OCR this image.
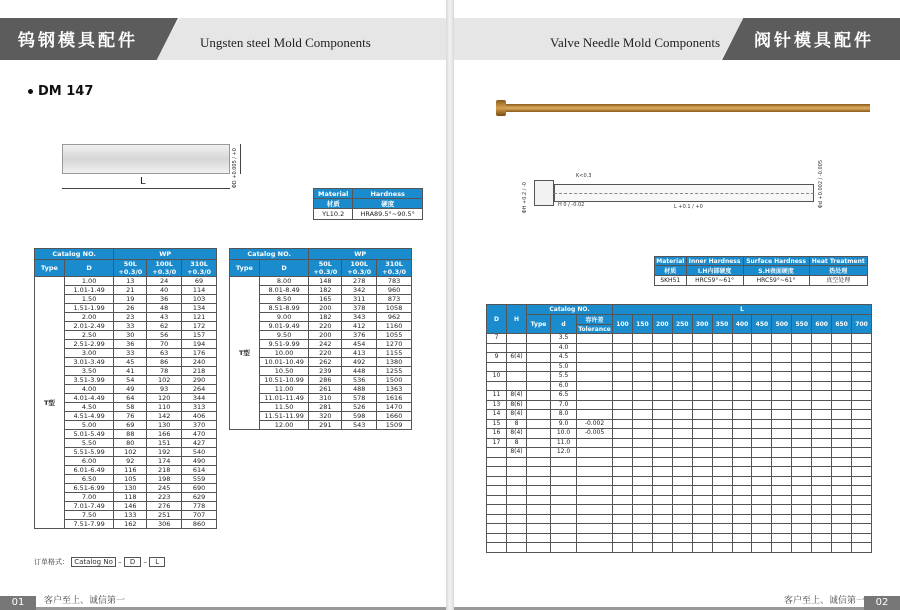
钨钢模具配件	Ungsten steel Mold Components
DM 147
L	ΦD +0.005 / +0
Material	Hardness
材质	硬度
YL10.2	HRA89.5°~90.5°
Catalog NO.		WP		
Type	D	50L +0.3/0	100L +0.3/0	310L +0.3/0
T型	1.00	13	24	69
	1.01-1.49	21	40	114
	1.50	19	36	103
	1.51-1.99	26	48	134
	2.00	23	43	121
	2.01-2.49	33	62	172
	2.50	30	56	157
	2.51-2.99	36	70	194
	3.00	33	63	176
	3.01-3.49	45	86	240
	3.50	41	78	218
	3.51-3.99	54	102	290
	4.00	49	93	264
	4.01-4.49	64	120	344
	4.50	58	110	313
	4.51-4.99	76	142	406
	5.00	69	130	370
	5.01-5.49	88	166	470
	5.50	80	151	427
	5.51-5.99	102	192	540
	6.00	92	174	490
	6.01-6.49	116	218	614
	6.50	105	198	559
	6.51-6.99	130	245	690
	7.00	118	223	629
	7.01-7.49	146	276	778
	7.50	133	251	707
	7.51-7.99	162	306	860
Catalog NO.		WP		
Type	D	50L +0.3/0	100L +0.3/0	310L +0.3/0
T型	8.00	148	278	783
	8.01-8.49	182	342	960
	8.50	165	311	873
	8.51-8.99	200	378	1058
	9.00	182	343	962
	9.01-9.49	220	412	1160
	9.50	200	376	1055
	9.51-9.99	242	454	1270
	10.00	220	413	1155
	10.01-10.49	262	492	1380
	10.50	239	448	1255
	10.51-10.99	286	536	1500
	11.00	261	488	1363
	11.01-11.49	310	578	1616
	11.50	281	526	1470
	11.51-11.99	320	598	1660
	12.00	291	543	1509
订单格式： Catalog No – D – L
01	客户至上、诚信第一
Valve Needle Mold Components 阀针模具配件
K<0.3
H 0 / -0.02	L +0.1 / +0	Φd +0.002 / -0.005
ΦH +0.2 / -0
Material	Inner Hardness	Surface Hardness	Heat Treatment
材质	I.H内部硬度	S.H表面硬度	热处理
SKH51	HRC59°~61°	HRC59°~61°	真空处理
D	H	Catalog NO.			L												
		Type	d	容许差	100	150	200	250	300	350	400	450	500	550	600	650	700
				Tolerance													
7			3.5														
			4.0														
9	6(4)		4.5														
			5.0														
10			5.5														
			6.0														
11	8(4)		6.5														
13	8(6)		7.0														
14	8(4)		8.0														
15	8		9.0	-0.002													
16	8(4)		10.0	-0.005													
17	8		11.0														
	8(4)		12.0														

02
客户至上、诚信第一
